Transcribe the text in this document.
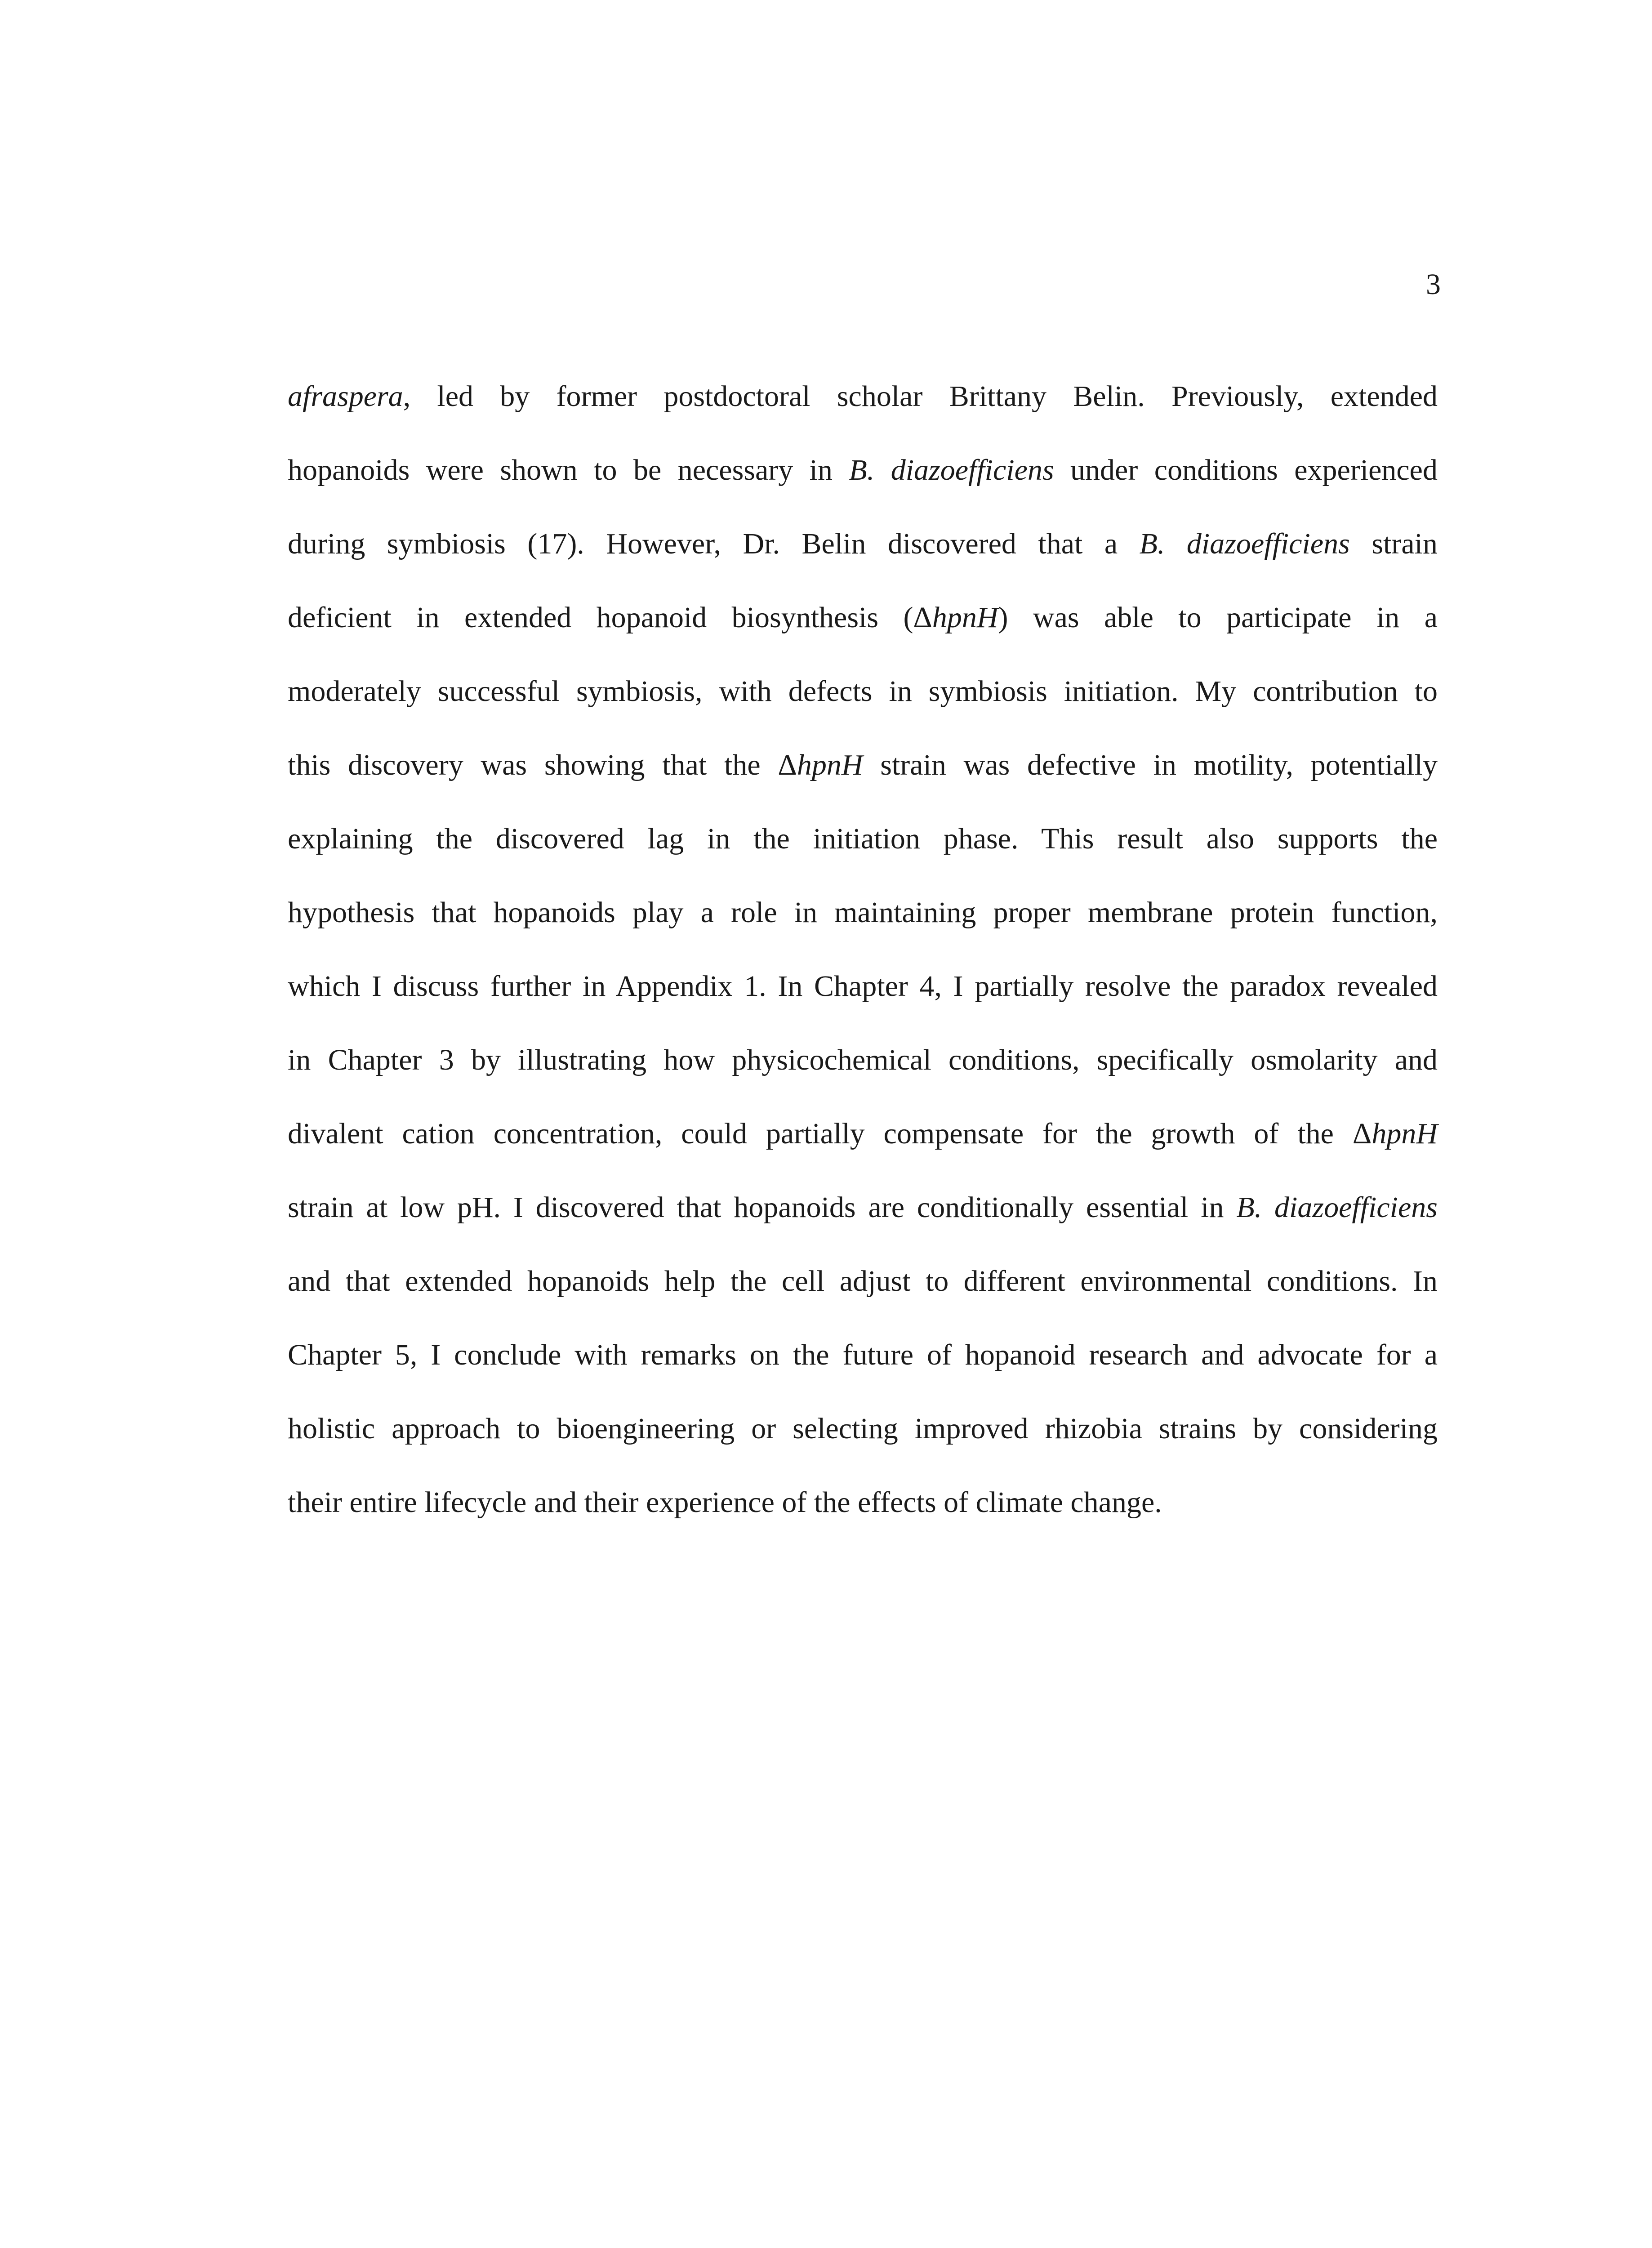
3
afraspera, led by former postdoctoral scholar Brittany Belin. Previously, extended
hopanoids were shown to be necessary in B. diazoefficiens under conditions experienced
during symbiosis (17). However, Dr. Belin discovered that a B. diazoefficiens strain
deficient in extended hopanoid biosynthesis (ΔhpnH) was able to participate in a
moderately successful symbiosis, with defects in symbiosis initiation. My contribution to
this discovery was showing that the ΔhpnH strain was defective in motility, potentially
explaining the discovered lag in the initiation phase. This result also supports the
hypothesis that hopanoids play a role in maintaining proper membrane protein function,
which I discuss further in Appendix 1. In Chapter 4, I partially resolve the paradox revealed
in Chapter 3 by illustrating how physicochemical conditions, specifically osmolarity and
divalent cation concentration, could partially compensate for the growth of the ΔhpnH
strain at low pH. I discovered that hopanoids are conditionally essential in B. diazoefficiens
and that extended hopanoids help the cell adjust to different environmental conditions. In
Chapter 5, I conclude with remarks on the future of hopanoid research and advocate for a
holistic approach to bioengineering or selecting improved rhizobia strains by considering
their entire lifecycle and their experience of the effects of climate change.
